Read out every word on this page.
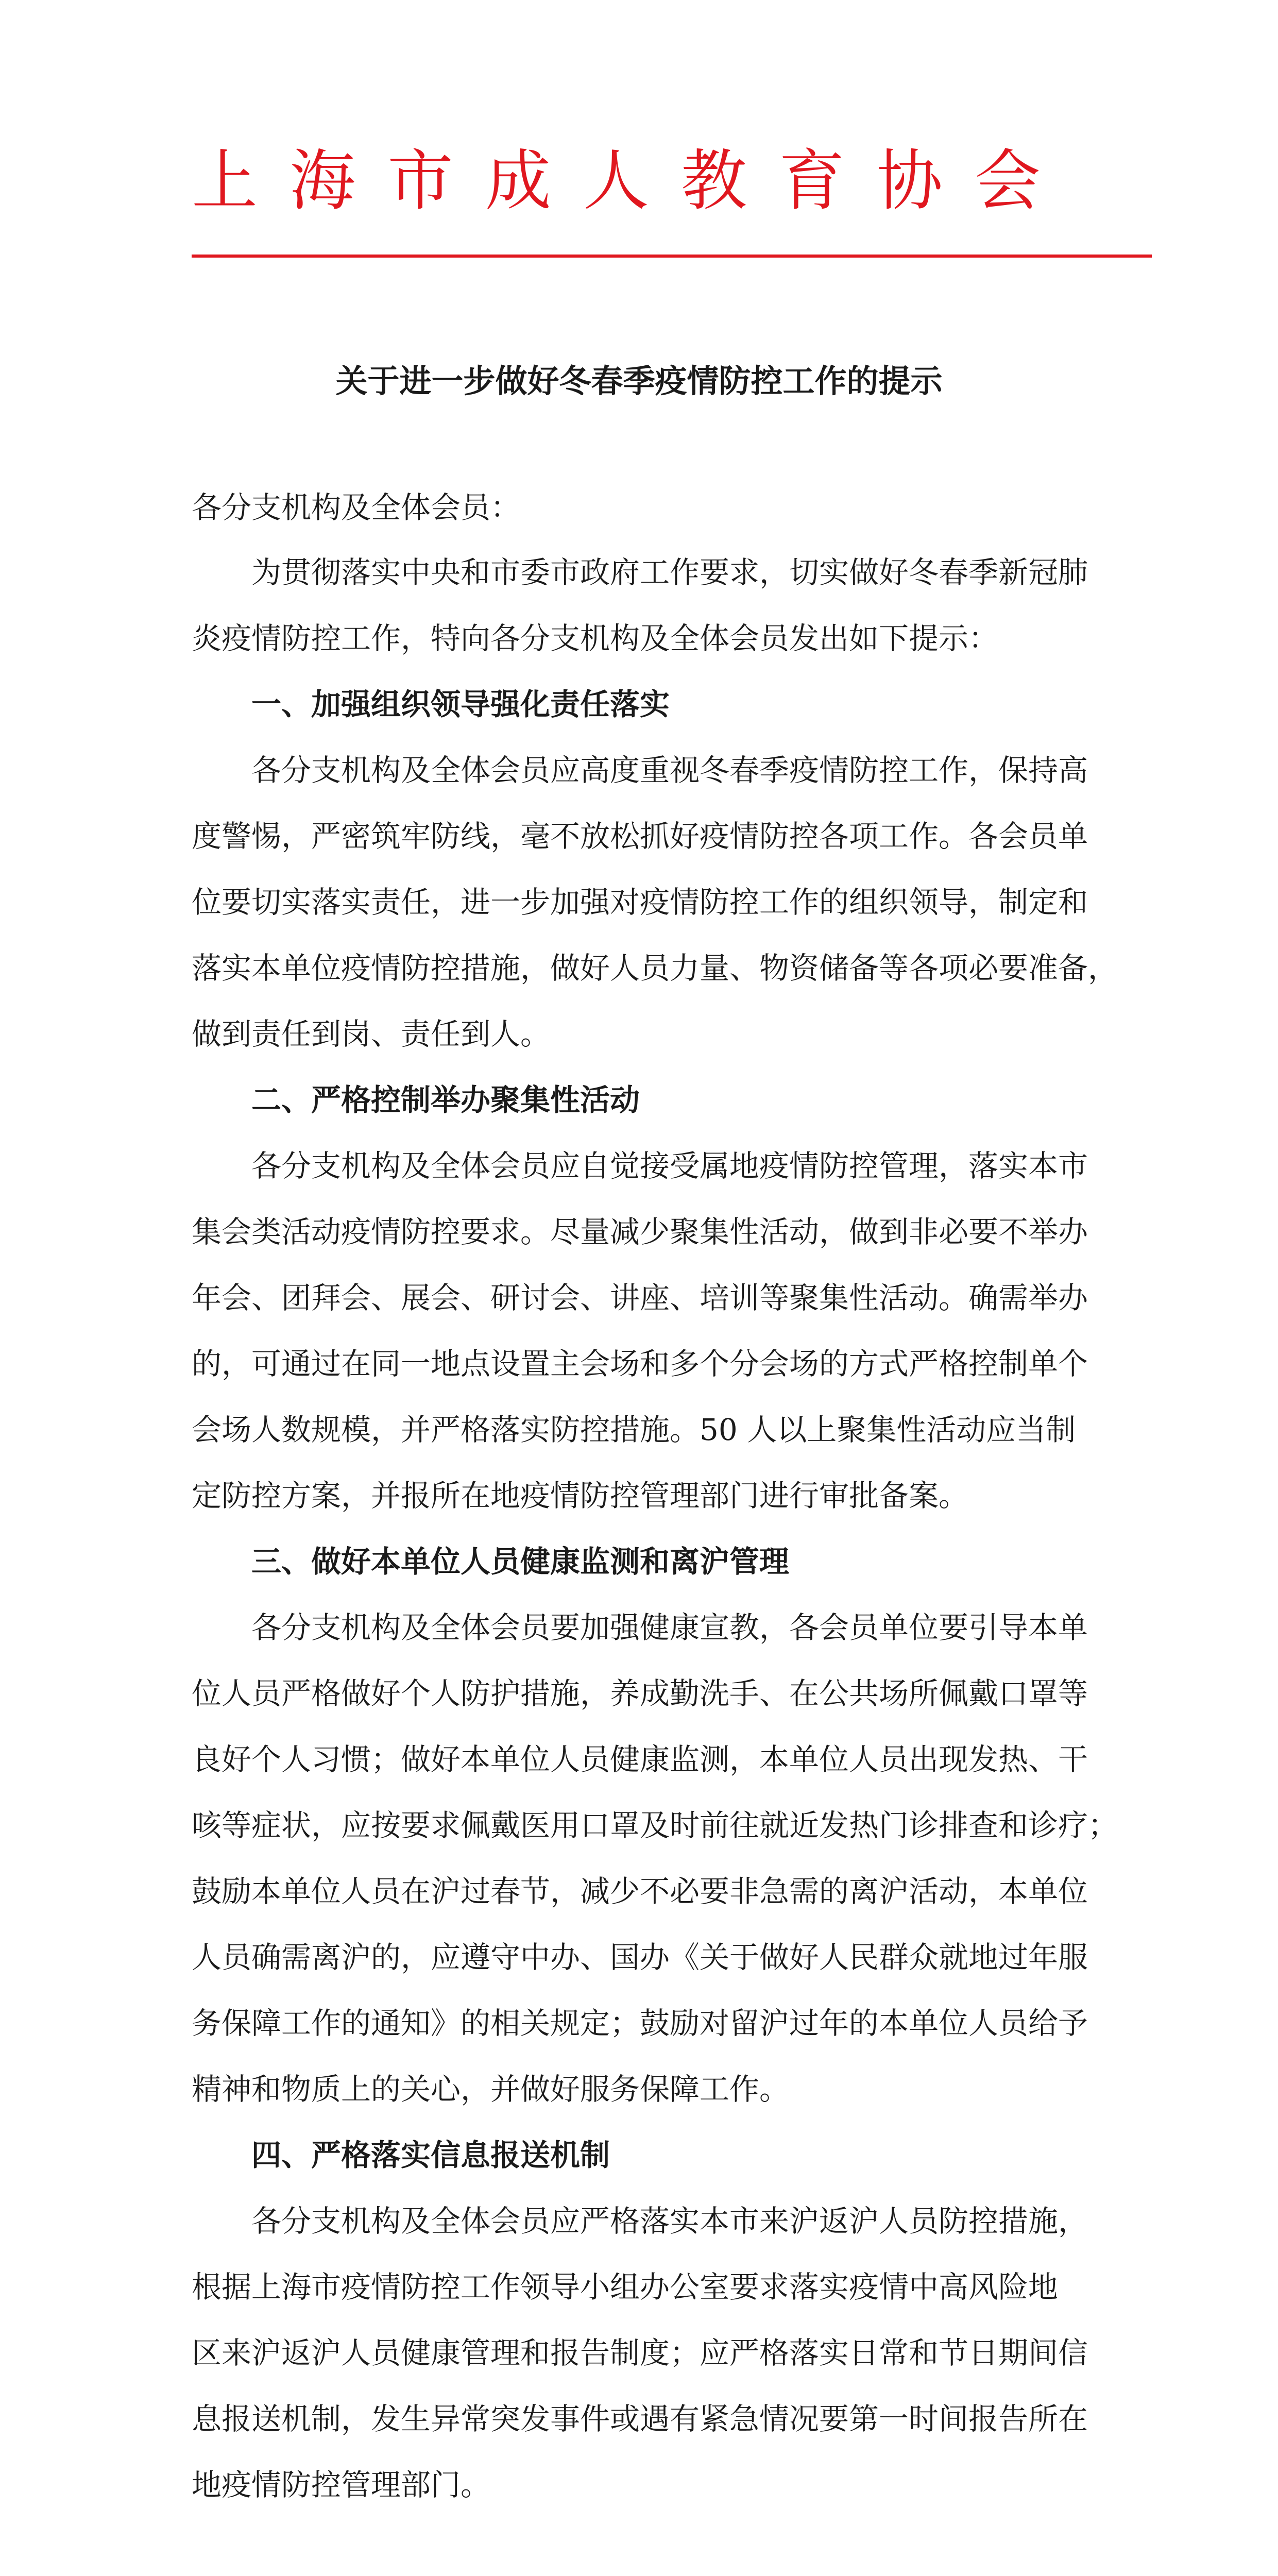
上海市成人教育协会
关于进一步做好冬春季疫情防控工作的提示
各分支机构及全体会员：
为贯彻落实中央和市委市政府工作要求，切实做好冬春季新冠肺
炎疫情防控工作，特向各分支机构及全体会员发出如下提示：
一、加强组织领导强化责任落实
各分支机构及全体会员应高度重视冬春季疫情防控工作，保持高
度警惕，严密筑牢防线，毫不放松抓好疫情防控各项工作。各会员单
位要切实落实责任，进一步加强对疫情防控工作的组织领导，制定和
落实本单位疫情防控措施，做好人员力量、物资储备等各项必要准备，
做到责任到岗、责任到人。
二、严格控制举办聚集性活动
各分支机构及全体会员应自觉接受属地疫情防控管理，落实本市
集会类活动疫情防控要求。尽量减少聚集性活动，做到非必要不举办
年会、团拜会、展会、研讨会、讲座、培训等聚集性活动。确需举办
的，可通过在同一地点设置主会场和多个分会场的方式严格控制单个
会场人数规模，并严格落实防控措施。50 人以上聚集性活动应当制
定防控方案，并报所在地疫情防控管理部门进行审批备案。
三、做好本单位人员健康监测和离沪管理
各分支机构及全体会员要加强健康宣教，各会员单位要引导本单
位人员严格做好个人防护措施，养成勤洗手、在公共场所佩戴口罩等
良好个人习惯；做好本单位人员健康监测，本单位人员出现发热、干
咳等症状，应按要求佩戴医用口罩及时前往就近发热门诊排查和诊疗；
鼓励本单位人员在沪过春节，减少不必要非急需的离沪活动，本单位
人员确需离沪的，应遵守中办、国办《关于做好人民群众就地过年服
务保障工作的通知》的相关规定；鼓励对留沪过年的本单位人员给予
精神和物质上的关心，并做好服务保障工作。
四、严格落实信息报送机制
各分支机构及全体会员应严格落实本市来沪返沪人员防控措施，
根据上海市疫情防控工作领导小组办公室要求落实疫情中高风险地
区来沪返沪人员健康管理和报告制度；应严格落实日常和节日期间信
息报送机制，发生异常突发事件或遇有紧急情况要第一时间报告所在
地疫情防控管理部门。
